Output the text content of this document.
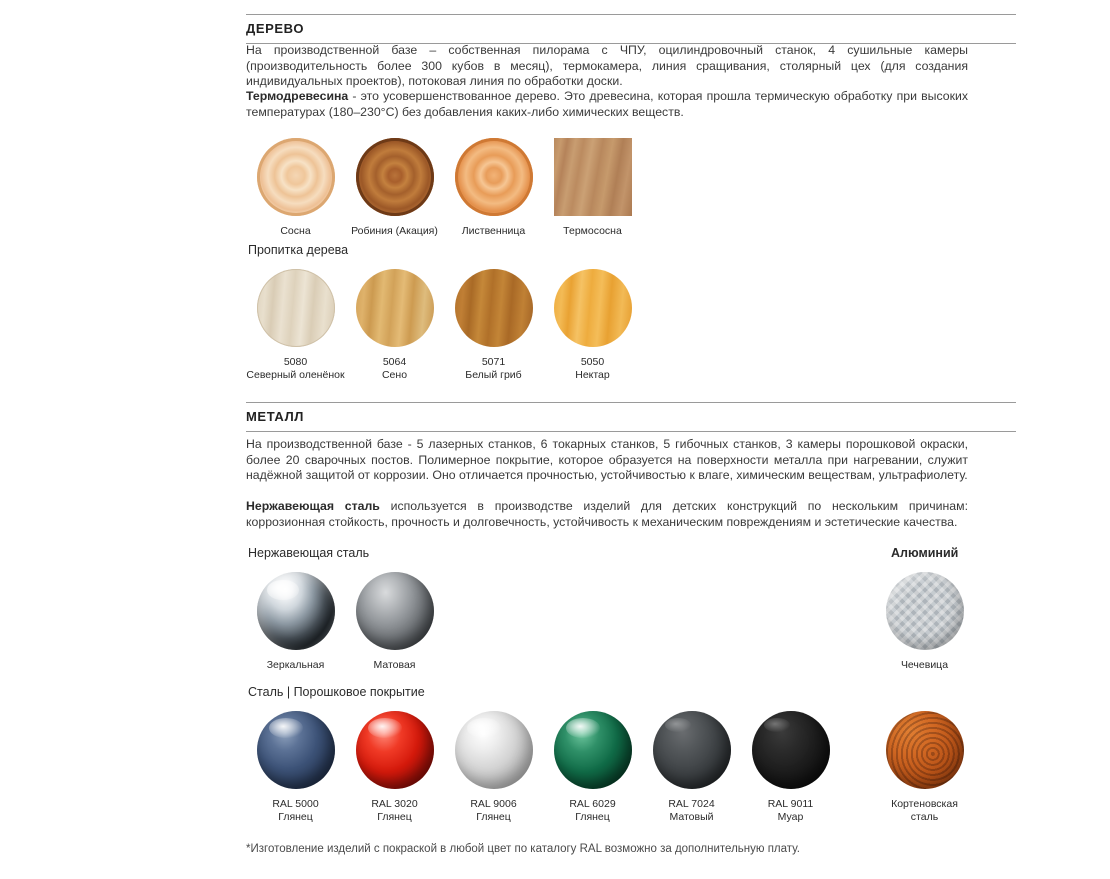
ДЕРЕВО
На производственной базе – собственная пилорама с ЧПУ, оцилиндровочный станок, 4 сушильные камеры (производительность более 300 кубов в месяц), термокамера, линия сращивания, столярный цех (для создания индивидуальных проектов), потоковая линия по обработки доски.
Термодревесина - это усовершенствованное дерево. Это древесина, которая прошла термическую обработку при высоких температурах (180–230°C) без добавления каких-либо химических веществ.
Сосна	Робиния (Акация)	Лиственница	Термососна
Пропитка дерева
5080
Северный оленёнок
5064
Сено
5071
Белый гриб
5050
Нектар
МЕТАЛЛ
На производственной базе - 5 лазерных станков, 6 токарных станков, 5 гибочных станков, 3 камеры порошковой окраски, более 20 сварочных постов. Полимерное покрытие, которое образуется на поверхности металла при нагревании, служит надёжной защитой от коррозии. Оно отличается прочностью, устойчивостью к влаге, химическим веществам, ультрафиолету.
Нержавеющая сталь используется в производстве изделий для детских конструкций по нескольким причинам: коррозионная стойкость, прочность и долговечность, устойчивость к механическим повреждениям и эстетические качества.
Нержавеющая сталь	Алюминий
Зеркальная	Матовая	Чечевица
Сталь | Порошковое покрытие
RAL 5000
Глянец
RAL 3020
Глянец
RAL 9006
Глянец
RAL 6029
Глянец
RAL 7024
Матовый
RAL 9011
Муар
Кортеновская
сталь
*Изготовление изделий с покраской в любой цвет по каталогу RAL возможно за дополнительную плату.
